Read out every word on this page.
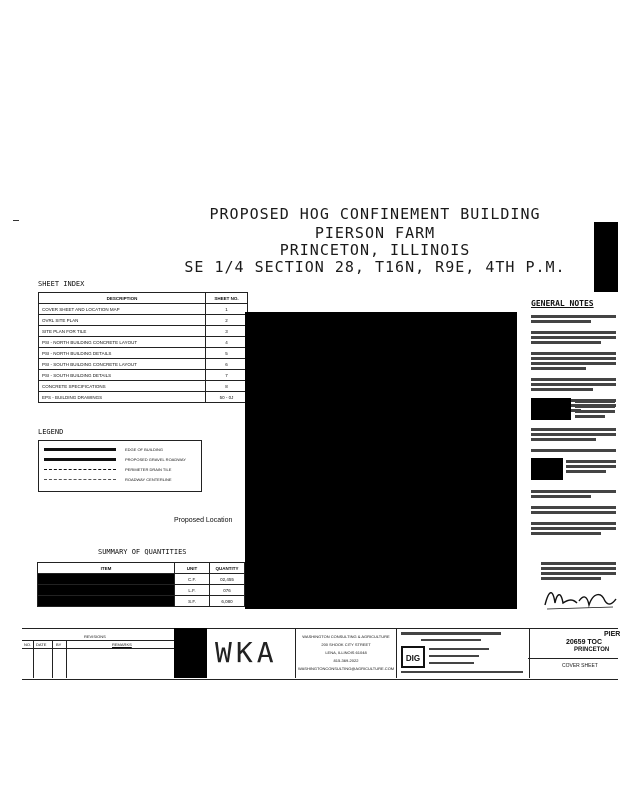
PROPOSED HOG CONFINEMENT BUILDING
PIERSON FARM
PRINCETON, ILLINOIS
SE 1/4 SECTION 28, T16N, R9E, 4TH P.M.
SHEET INDEX
DESCRIPTION	SHEET NO.
COVER SHEET AND LOCATION MAP	1
OVRL SITE PLAN	2
SITE PLAN FOR TILE	3
PSI - NORTH BUILDING CONCRETE LAYOUT	4
PSI - NORTH BUILDING DETAILS	5
PSI - SOUTH BUILDING CONCRETE LAYOUT	6
PSI - SOUTH BUILDING DETAILS	7
CONCRETE SPECIFICATIONS	8
EPS - BUILDING DRAWINGS	50 - 0J
LEGEND
EDGE OF BUILDING
PROPOSED GRAVEL ROADWAY
PERIMETER DRAIN TILE
ROADWAY CENTERLINE
Proposed Location
SUMMARY OF QUANTITIES
ITEM	UNIT	QUANTITY
	C.F.	02,455
	L.F.	076
	S.F.	6,080
GENERAL NOTES
REVISIONS
NO. DATE BY	REMARKS	WKA	WASHINGTON CONSULTING & AGRICULTURE
200 SHOOK CITY STREET
LENA, ILLINOIS 61048
815-369-2022
WASHINGTONCONSULTING@AGRICULTURE.COM
DIG
PIER
20659 TOC
PRINCETON
COVER SHEET
